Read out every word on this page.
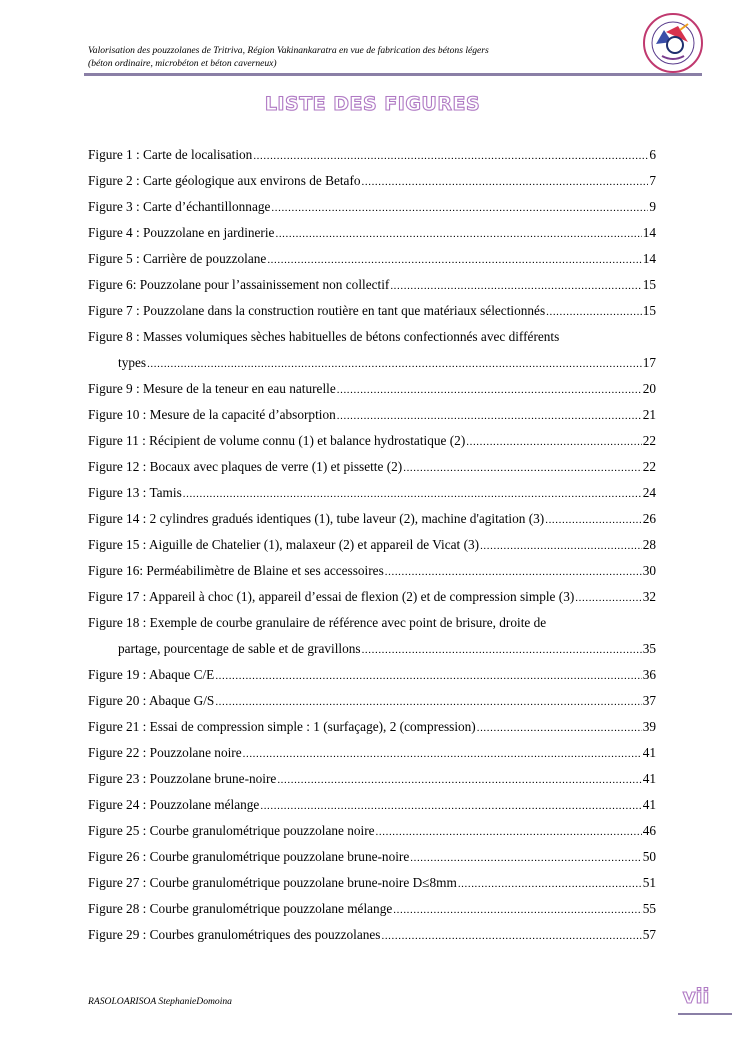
Valorisation des pouzzolanes de Tritriva, Région Vakinankaratra en vue de fabrication des bétons légers
(béton ordinaire, microbéton et béton caverneux)
LISTE DES FIGURES
Figure 1 : Carte de localisation .....	6
Figure 2 : Carte géologique aux environs de Betafo .....	7
Figure 3 : Carte d’échantillonnage .....	9
Figure 4 : Pouzzolane en jardinerie .....	14
Figure 5 : Carrière de pouzzolane .....	14
Figure 6: Pouzzolane pour l’assainissement non collectif .....	15
Figure 7 : Pouzzolane dans la construction routière en tant que matériaux sélectionnés .....	15
Figure 8 : Masses volumiques sèches habituelles de bétons confectionnés avec différents
types .....	17
Figure 9 : Mesure de la teneur en eau naturelle .....	20
Figure 10 : Mesure de la capacité d’absorption .....	21
Figure 11 : Récipient de volume connu (1) et balance hydrostatique (2) .....	22
Figure 12 : Bocaux avec plaques de verre (1) et pissette (2) .....	22
Figure 13 : Tamis .....	24
Figure 14 : 2 cylindres gradués identiques (1), tube laveur (2), machine d'agitation (3) .....	26
Figure 15 : Aiguille de Chatelier (1), malaxeur (2) et appareil de Vicat (3) .....	28
Figure 16: Perméabilimètre de Blaine et ses accessoires .....	30
Figure 17 : Appareil à choc (1), appareil d’essai de flexion (2) et de compression simple (3) .....	32
Figure 18 : Exemple de courbe granulaire de référence avec point de brisure, droite de
partage, pourcentage de sable et de gravillons .....	35
Figure 19 : Abaque C/E .....	36
Figure 20 : Abaque G/S .....	37
Figure 21 : Essai de compression simple : 1 (surfaçage), 2 (compression) .....	39
Figure 22 : Pouzzolane noire .....	41
Figure 23 : Pouzzolane brune-noire .....	41
Figure 24 : Pouzzolane mélange .....	41
Figure 25 : Courbe granulométrique pouzzolane noire .....	46
Figure 26 : Courbe granulométrique pouzzolane brune-noire .....	50
Figure 27 : Courbe granulométrique pouzzolane brune-noire D≤8mm .....	51
Figure 28 : Courbe granulométrique pouzzolane mélange .....	55
Figure 29 : Courbes granulométriques des pouzzolanes .....	57
RASOLOARISOA StephanieDomoina	vii
